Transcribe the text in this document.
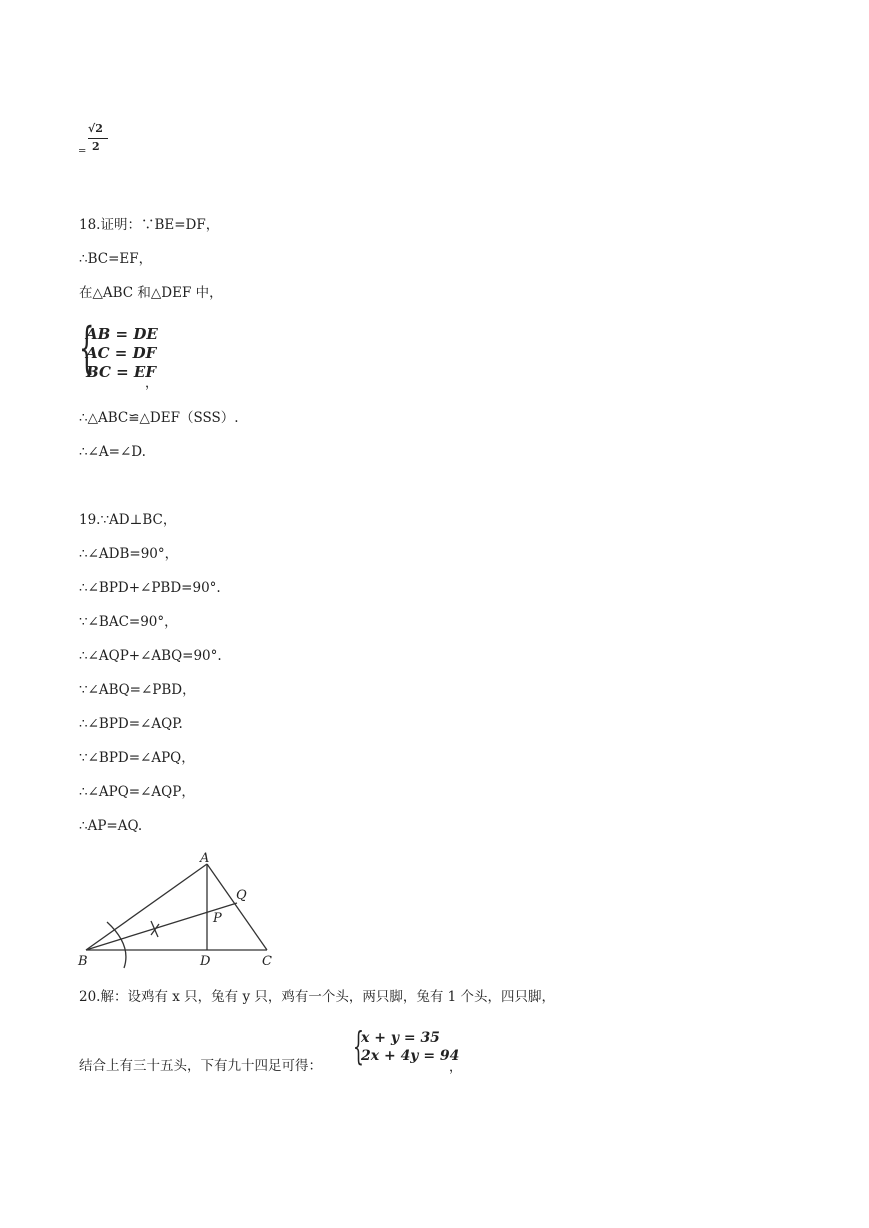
=
√2
2
18.证明：∵BE=DF，
∴BC=EF，
在△ABC 和△DEF 中，
{
AB = DE
AC = DF
BC = EF
，
∴△ABC≌△DEF（SSS）.
∴∠A=∠D.
19.∵AD⊥BC，
∴∠ADB=90°，
∴∠BPD+∠PBD=90°.
∵∠BAC=90°，
∴∠AQP+∠ABQ=90°.
∵∠ABQ=∠PBD，
∴∠BPD=∠AQP.
∵∠BPD=∠APQ，
∴∠APQ=∠AQP，
∴AP=AQ.
A
Q
P
B	D	C
20.解：设鸡有 x 只，兔有 y 只，鸡有一个头，两只脚，兔有 1 个头，四只脚，
结合上有三十五头，下有九十四足可得： {
x + y = 35
2x + 4y = 94
，
